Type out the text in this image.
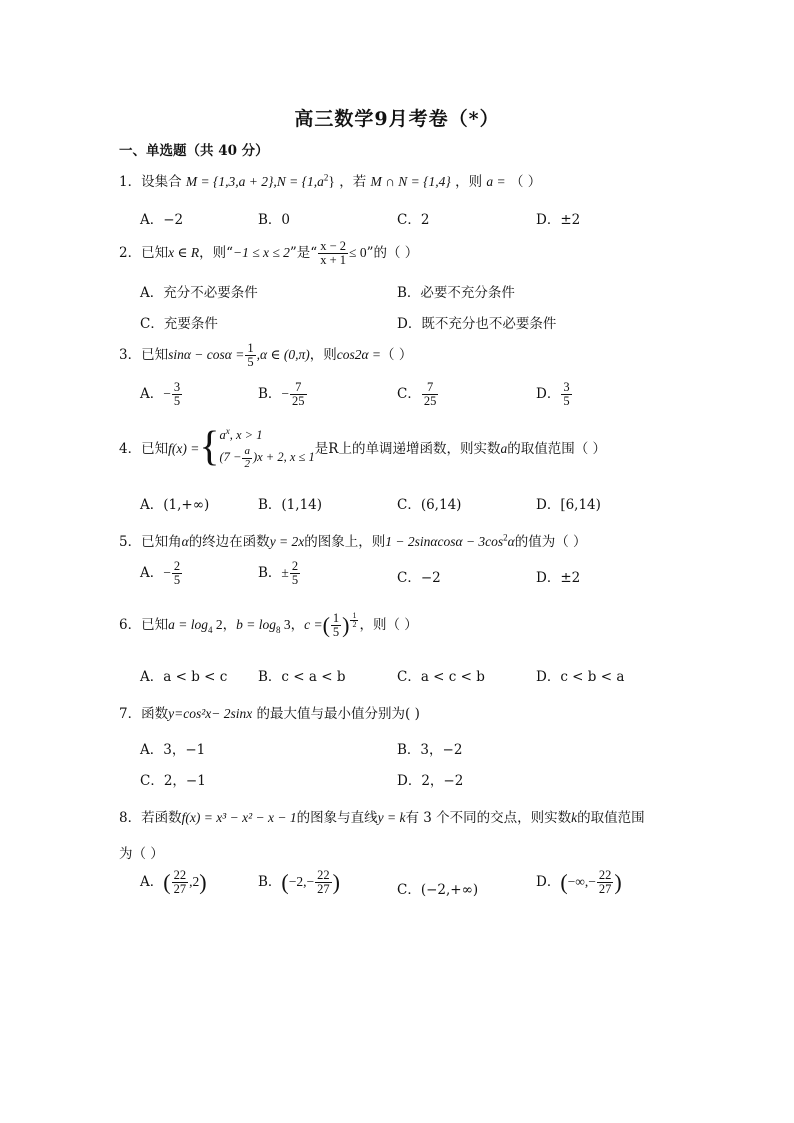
高三数学9月考卷（*）
一、单选题（共 40 分）
1．设集合 $M = \{1,3,a + 2\},N = \{1,a^2\}$ ，若 M ∩ N = {1,4} ，则 a = （ ）
A．−2	B．0	C．2	D．±2
2．已知x ∈ R，则“−1 ≤ x ≤ 2”是“ $\frac{x - 2}{x + 1} \le 0$”的（ ）
A．充分不必要条件	B．必要不充分条件
C．充要条件	D．既不充分也不必要条件
3．已知$\sin\alpha - \cos\alpha = \frac{1}{5} ,\alpha$ ∈ (0,π)，则cos2α =（ ）
A．− $\frac{3}{5}$	B．− $\frac{7}{25}$	C． $\frac{7}{25}$	D． $\frac{3}{5}$
4．已知$f(x) =\{a^x$, x > 1
$(7 - \frac{a}{2} )x + 2$, x ≤ 1是R上的单调递增函数，则实数a的取值范围（ ）
A．(1,+∞)	B．(1,14)	C．(6,14)	D．[6,14)
5．已知角α的终边在函数y = 2x的图象上，则$1 - 2\sin\alpha\cos\alpha - 3\cos^2\alpha$的值为（ ）
A．− $\frac{2}{5}$	B．± $\frac{2}{5}$	C．−2	D．±2
6．已知$a = \log_4 2$，$b = \log_8 3$，c =( $\frac{1}{5}$ ) $\frac{1}{2}$ ，则（ ）
A．a < b < c B．c < a < b	C．a < c < b	D．c < b < a
7．函数y=cos²x− 2sinx 的最大值与最小值分别为( )
A．3，−1	B．3，−2
C．2，−1	D．2，−2
8．若函数f(x) = x³ − x² − x − 1的图象与直线y = k有 3 个不同的交点，则实数k的取值范围
为（ ）
A．( $\frac{22}{27} ,2$)	B．($-2,- \frac{22}{27}$ )	C．(−2,+∞)	D．(−∞,− $\frac{22}{27}$ )
